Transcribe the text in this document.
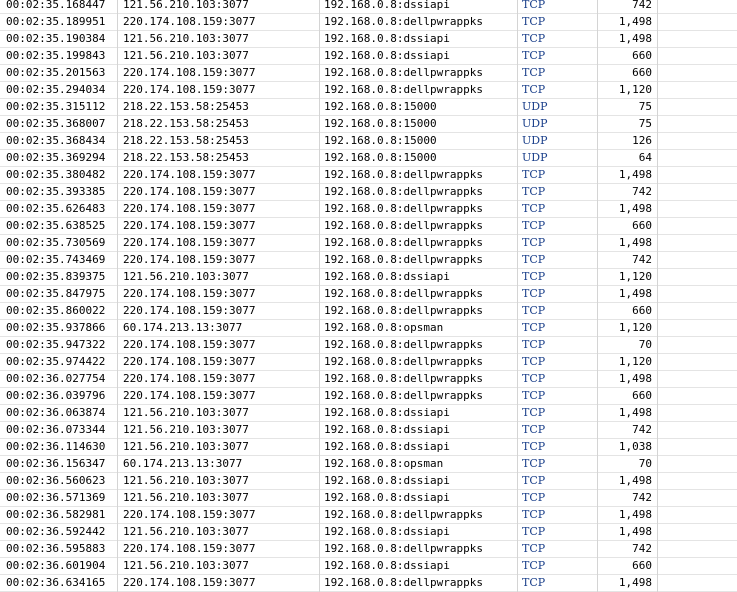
00:02:35.168447	121.56.210.103:3077	192.168.0.8:dssiapi	TCP	742
00:02:35.189951	220.174.108.159:3077	192.168.0.8:dellpwrappks	TCP	1,498
00:02:35.190384	121.56.210.103:3077	192.168.0.8:dssiapi	TCP	1,498
00:02:35.199843	121.56.210.103:3077	192.168.0.8:dssiapi	TCP	660
00:02:35.201563	220.174.108.159:3077	192.168.0.8:dellpwrappks	TCP	660
00:02:35.294034	220.174.108.159:3077	192.168.0.8:dellpwrappks	TCP	1,120
00:02:35.315112	218.22.153.58:25453	192.168.0.8:15000	UDP	75
00:02:35.368007	218.22.153.58:25453	192.168.0.8:15000	UDP	75
00:02:35.368434	218.22.153.58:25453	192.168.0.8:15000	UDP	126
00:02:35.369294	218.22.153.58:25453	192.168.0.8:15000	UDP	64
00:02:35.380482	220.174.108.159:3077	192.168.0.8:dellpwrappks	TCP	1,498
00:02:35.393385	220.174.108.159:3077	192.168.0.8:dellpwrappks	TCP	742
00:02:35.626483	220.174.108.159:3077	192.168.0.8:dellpwrappks	TCP	1,498
00:02:35.638525	220.174.108.159:3077	192.168.0.8:dellpwrappks	TCP	660
00:02:35.730569	220.174.108.159:3077	192.168.0.8:dellpwrappks	TCP	1,498
00:02:35.743469	220.174.108.159:3077	192.168.0.8:dellpwrappks	TCP	742
00:02:35.839375	121.56.210.103:3077	192.168.0.8:dssiapi	TCP	1,120
00:02:35.847975	220.174.108.159:3077	192.168.0.8:dellpwrappks	TCP	1,498
00:02:35.860022	220.174.108.159:3077	192.168.0.8:dellpwrappks	TCP	660
00:02:35.937866	60.174.213.13:3077	192.168.0.8:opsman	TCP	1,120
00:02:35.947322	220.174.108.159:3077	192.168.0.8:dellpwrappks	TCP	70
00:02:35.974422	220.174.108.159:3077	192.168.0.8:dellpwrappks	TCP	1,120
00:02:36.027754	220.174.108.159:3077	192.168.0.8:dellpwrappks	TCP	1,498
00:02:36.039796	220.174.108.159:3077	192.168.0.8:dellpwrappks	TCP	660
00:02:36.063874	121.56.210.103:3077	192.168.0.8:dssiapi	TCP	1,498
00:02:36.073344	121.56.210.103:3077	192.168.0.8:dssiapi	TCP	742
00:02:36.114630	121.56.210.103:3077	192.168.0.8:dssiapi	TCP	1,038
00:02:36.156347	60.174.213.13:3077	192.168.0.8:opsman	TCP	70
00:02:36.560623	121.56.210.103:3077	192.168.0.8:dssiapi	TCP	1,498
00:02:36.571369	121.56.210.103:3077	192.168.0.8:dssiapi	TCP	742
00:02:36.582981	220.174.108.159:3077	192.168.0.8:dellpwrappks	TCP	1,498
00:02:36.592442	121.56.210.103:3077	192.168.0.8:dssiapi	TCP	1,498
00:02:36.595883	220.174.108.159:3077	192.168.0.8:dellpwrappks	TCP	742
00:02:36.601904	121.56.210.103:3077	192.168.0.8:dssiapi	TCP	660
00:02:36.634165	220.174.108.159:3077	192.168.0.8:dellpwrappks	TCP	1,498
